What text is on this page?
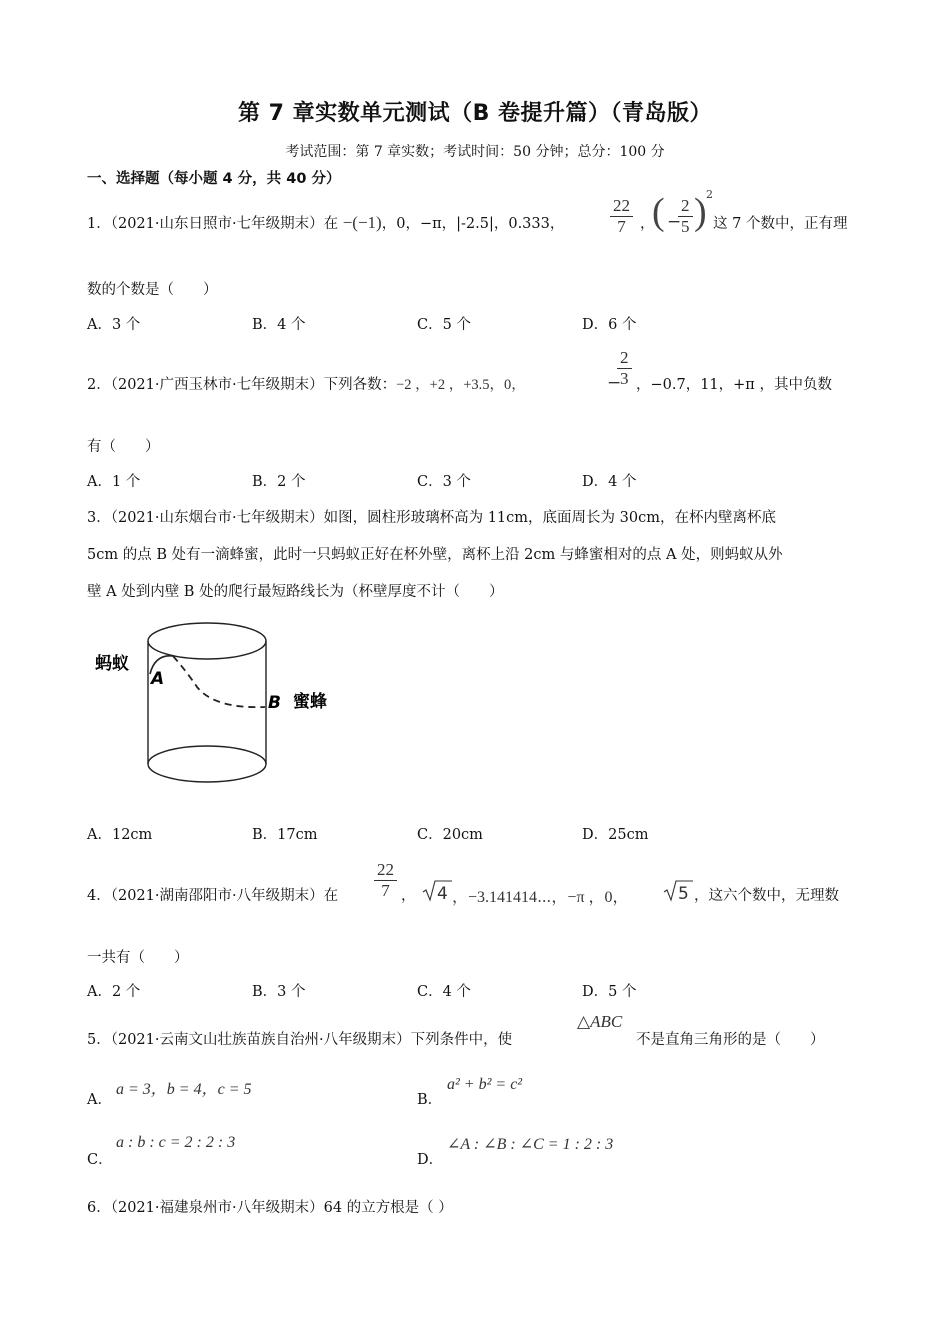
第 7 章实数单元测试（B 卷提升篇）（青岛版）
考试范围：第 7 章实数；考试时间：50 分钟；总分：100 分
一、选择题（每小题 4 分，共 40 分）
1．（2021·山东日照市·七年级期末）在 −(−1)，0，−π，|-2.5|，0.333，	$\frac{22}{7}$ ，
( −
$\frac{2}{5}$ ) 2
这 7 个数中，正有理
数的个数是（　　）
A．3 个	B．4 个	C．5 个	D．6 个
2．（2021·广西玉林市·七年级期末）下列各数：−2 ，+2 ，+3.5，0，	−
$\frac{2}{3}$ ，−0.7，11，+π ，其中负数
有（　　）
A．1 个	B．2 个	C．3 个	D．4 个
3．（2021·山东烟台市·七年级期末）如图，圆柱形玻璃杯高为 11cm，底面周长为 30cm，在杯内壁离杯底
5cm 的点 B 处有一滴蜂蜜，此时一只蚂蚁正好在杯外壁，离杯上沿 2cm 与蜂蜜相对的点 A 处，则蚂蚁从外
壁 A 处到内壁 B 处的爬行最短路线长为（杯壁厚度不计（　　）
蚂蚁
A
B 蜜蜂
A．12cm	B．17cm	C．20cm	D．25cm
4．（2021·湖南邵阳市·八年级期末）在 $\frac{22}{7}$ ， 4 ，−3.141414⋯，−π ，0，	5 ，这六个数中，无理数
一共有（　　）
A．2 个	B．3 个	C．4 个	D．5 个
5．（2021·云南文山壮族苗族自治州·八年级期末）下列条件中，使
△ABC
不是直角三角形的是（　　）
A．
a = 3，b = 4，c = 5
B．
a² + b² = c²
C．
a : b : c = 2 : 2 : 3
D．
∠A : ∠B : ∠C = 1 : 2 : 3
6．（2021·福建泉州市·八年级期末）64 的立方根是（ ）
